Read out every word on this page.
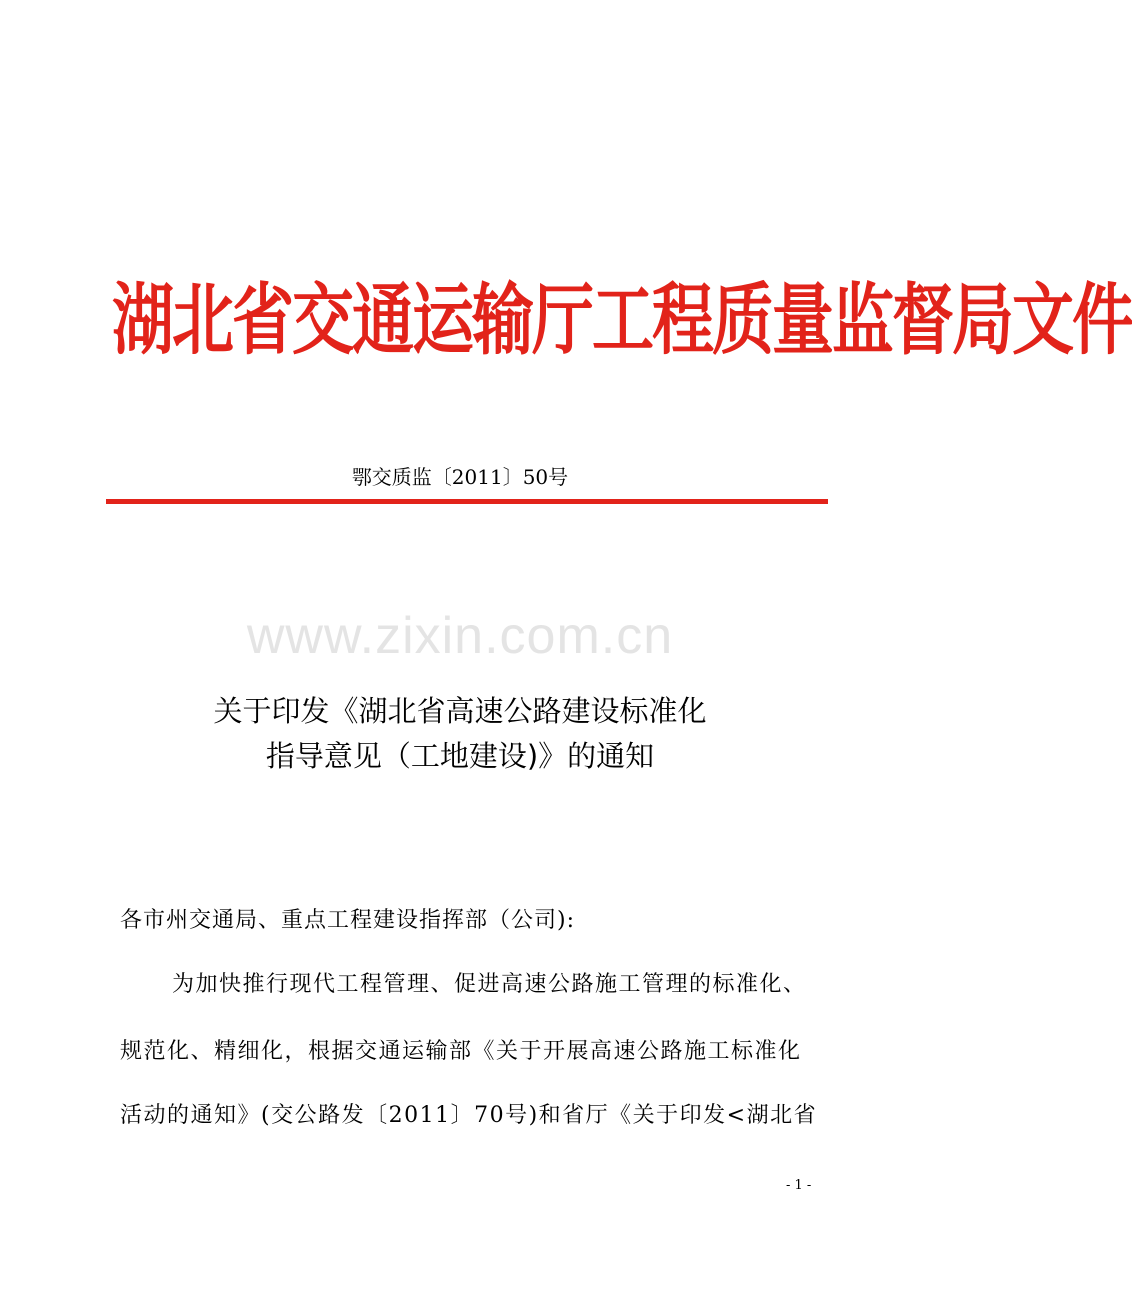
湖北省交通运输厅工程质量监督局文件
鄂交质监〔2011〕50号
www.zixin.com.cn
关于印发《湖北省高速公路建设标准化
指导意见（工地建设)》的通知
各市州交通局、重点工程建设指挥部（公司):
为加快推行现代工程管理、促进高速公路施工管理的标准化、
规范化、精细化，根据交通运输部《关于开展高速公路施工标准化
活动的通知》(交公路发〔2011〕70号)和省厅《关于印发<湖北省
- 1 -
